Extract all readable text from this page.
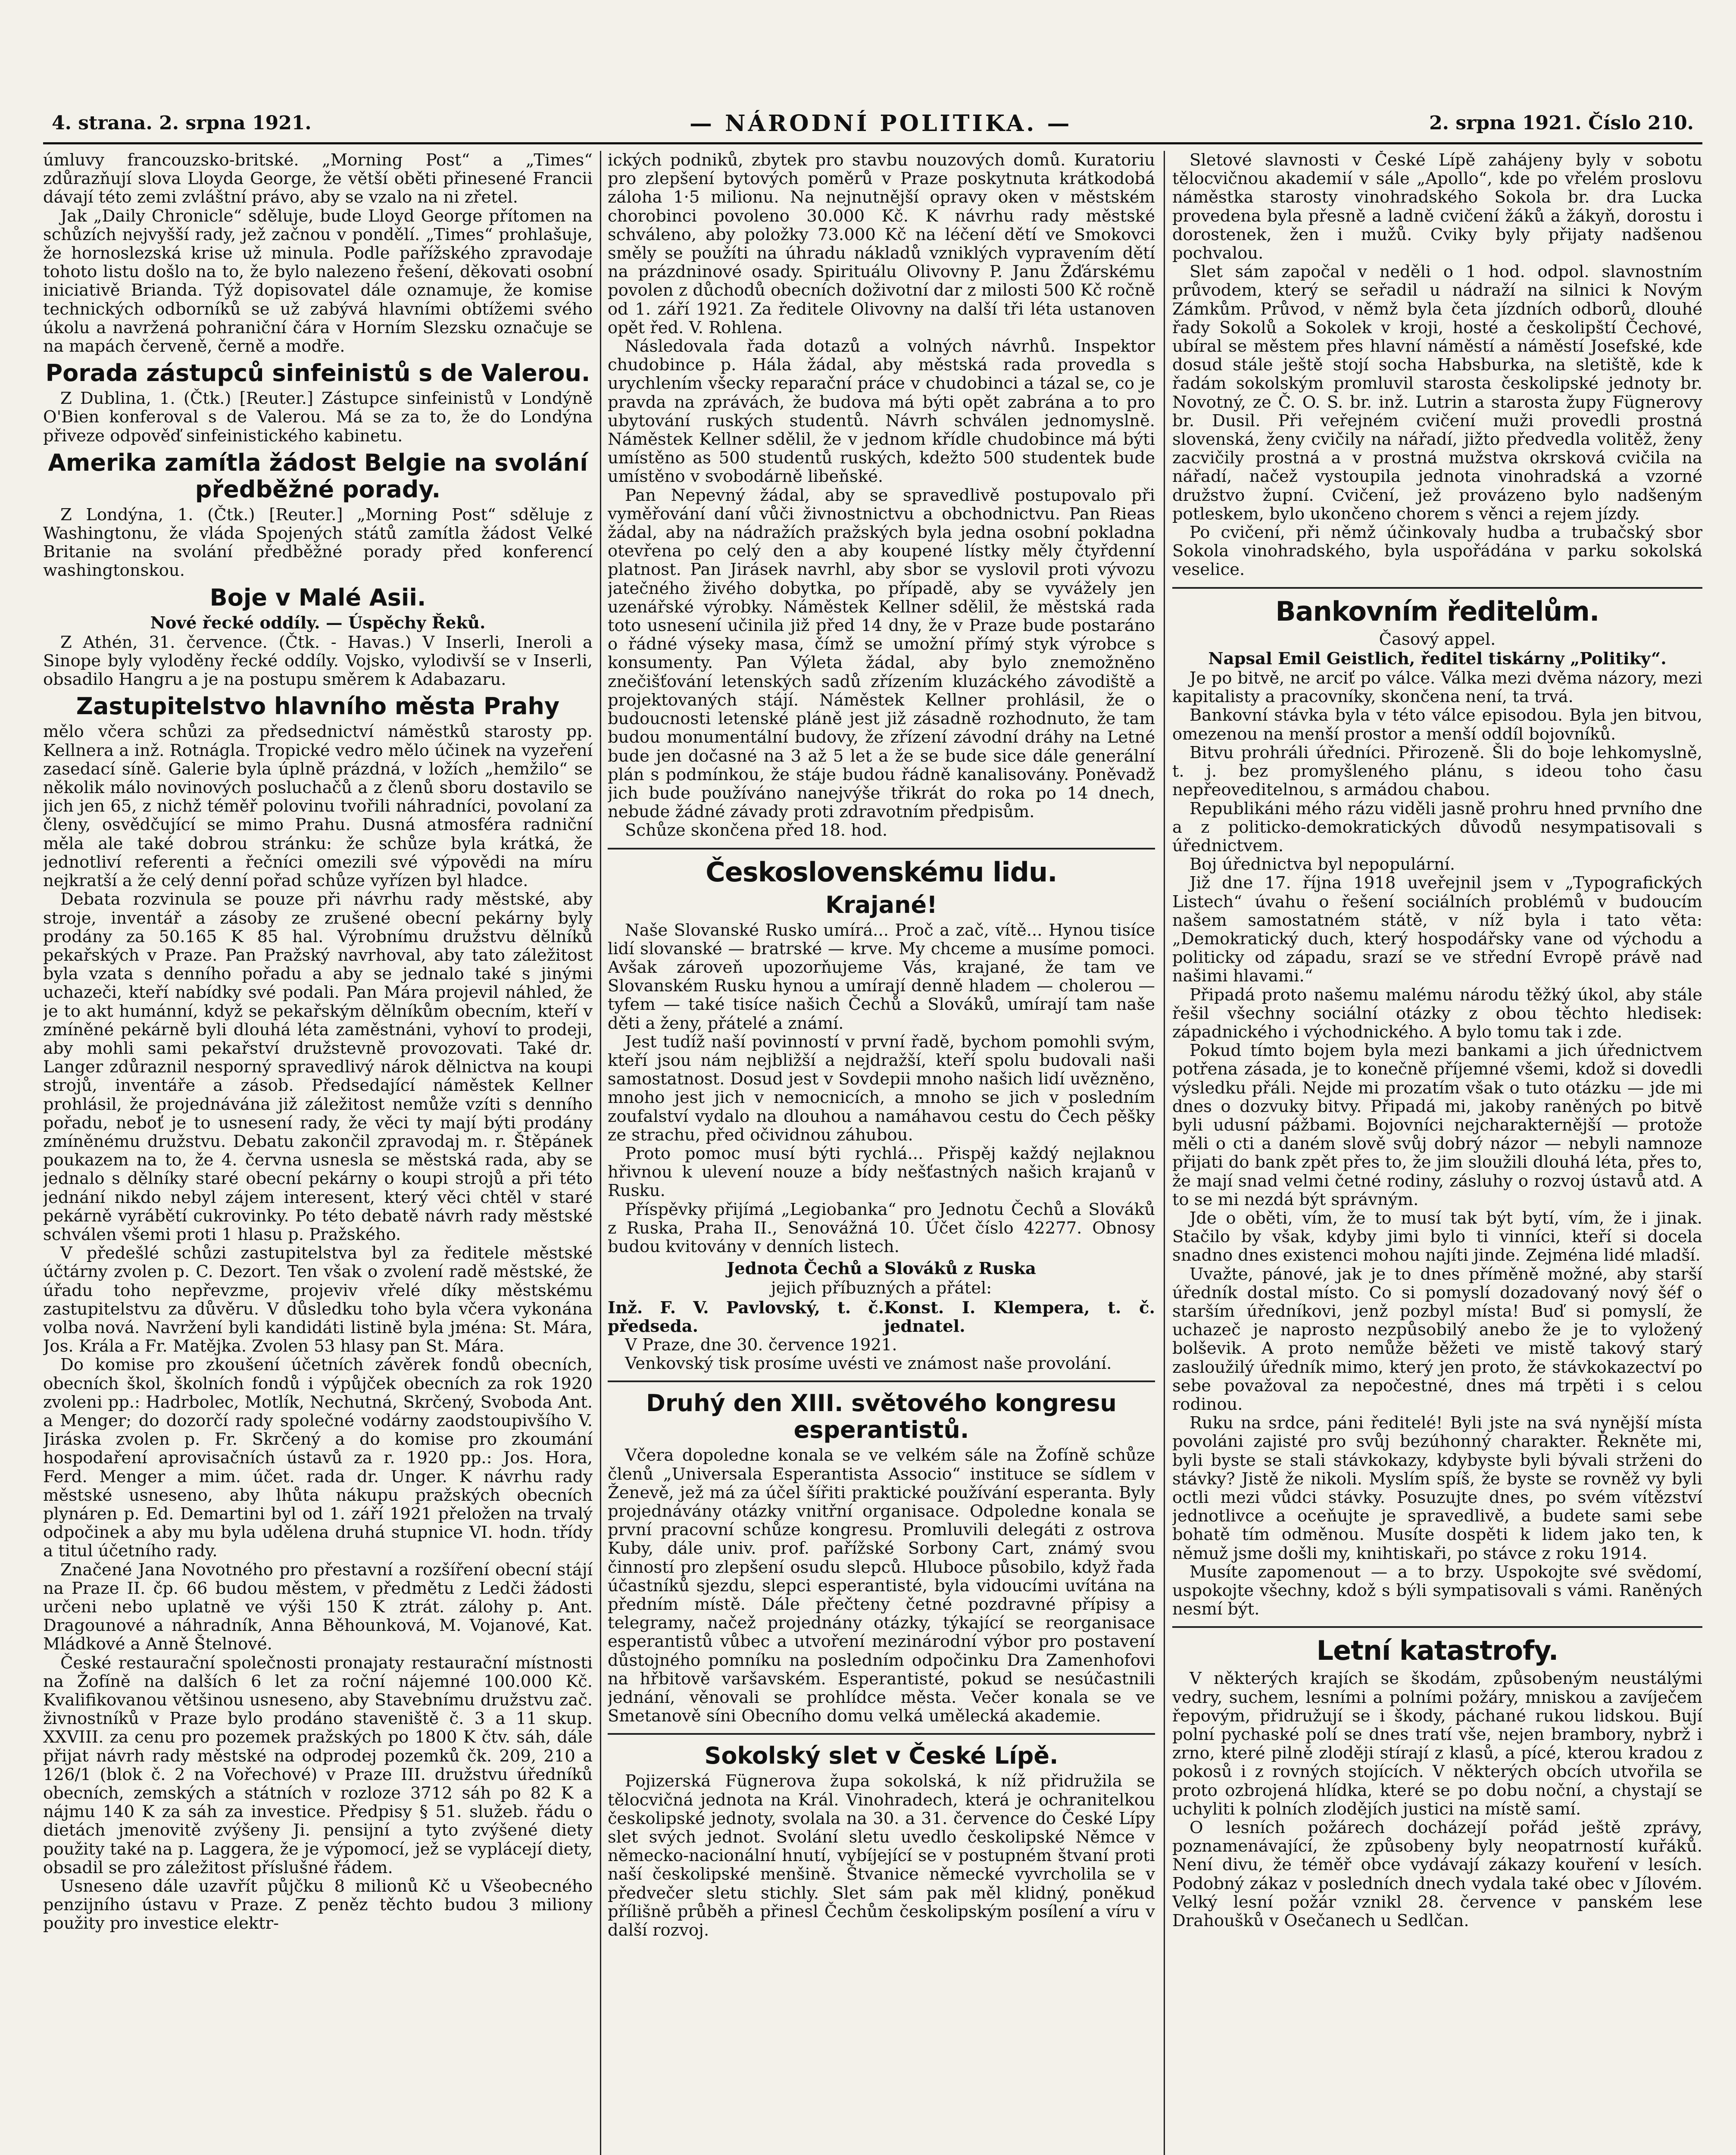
4. strana. 2. srpna 1921.	— NÁRODNÍ POLITIKA. —	2. srpna 1921. Číslo 210.

úmluvy francouzsko-britské. „Morning Post“ a „Times“ zdůrazňují slova Lloyda George, že větší oběti přinesené Francii dávají této zemi zvláštní právo, aby se vzalo na ni zřetel.

Jak „Daily Chronicle“ sděluje, bude Lloyd George přítomen na schůzích nejvyšší rady, jež začnou v pondělí. „Times“ prohlašuje, že hornoslezská krise už minula. Podle pařížského zpravodaje tohoto listu došlo na to, že bylo nalezeno řešení, děkovati osobní iniciativě Brianda. Týž dopisovatel dále oznamuje, že komise technických odborníků se už zabývá hlavními obtížemi svého úkolu a navržená pohraniční čára v Horním Slezsku označuje se na mapách červeně, černě a modře.

Porada zástupců sinfeinistů s de Valerou.

Z Dublina, 1. (Čtk.) [Reuter.] Zástupce sinfeinistů v Londýně O'Bien konferoval s de Valerou. Má se za to, že do Londýna přiveze odpověď sinfeinistického kabinetu.

Amerika zamítla žádost Belgie na svolání předběžné porady.

Z Londýna, 1. (Čtk.) [Reuter.] „Morning Post“ sděluje z Washingtonu, že vláda Spojených států zamítla žádost Velké Britanie na svolání předběžné porady před konferencí washingtonskou.

Boje v Malé Asii.
Nové řecké oddíly. — Úspěchy Řeků.

Z Athén, 31. července. (Čtk. - Havas.) V Inserli, Ineroli a Sinope byly vyloděny řecké oddíly. Vojsko, vylodivší se v Inserli, obsadilo Hangru a je na postupu směrem k Adabazaru.

Zastupitelstvo hlavního města Prahy

mělo včera schůzi za předsednictví náměstků starosty pp. Kellnera a inž. Rotnágla. Tropické vedro mělo účinek na vyzeření zasedací síně. Galerie byla úplně prázdná, v ložích „hemžilo“ se několik málo novinových posluchačů a z členů sboru dostavilo se jich jen 65, z nichž téměř polovinu tvořili náhradníci, povolaní za členy, osvědčující se mimo Prahu. Dusná atmosféra radniční měla ale také dobrou stránku: že schůze byla krátká, že jednotliví referenti a řečníci omezili své výpovědi na míru nejkratší a že celý denní pořad schůze vyřízen byl hladce.

Debata rozvinula se pouze při návrhu rady městské, aby stroje, inventář a zásoby ze zrušené obecní pekárny byly prodány za 50.165 K 85 hal. Výrobnímu družstvu dělníků pekařských v Praze. Pan Pražský navrhoval, aby tato záležitost byla vzata s denního pořadu a aby se jednalo také s jinými uchazeči, kteří nabídky své podali. Pan Mára projevil náhled, že je to akt humánní, když se pekařským dělníkům obecním, kteří v zmíněné pekárně byli dlouhá léta zaměstnáni, vyhoví to prodeji, aby mohli sami pekařství družstevně provozovati. Také dr. Langer zdůraznil nesporný spravedlivý nárok dělnictva na koupi strojů, inventáře a zásob. Předsedající náměstek Kellner prohlásil, že projednávána již záležitost nemůže vzíti s denního pořadu, neboť je to usnesení rady, že věci ty mají býti prodány zmíněnému družstvu. Debatu zakončil zpravodaj m. r. Štěpánek poukazem na to, že 4. června usnesla se městská rada, aby se jednalo s dělníky staré obecní pekárny o koupi strojů a při této jednání nikdo nebyl zájem interesent, který věci chtěl v staré pekárně vyrábětí cukrovinky. Po této debatě návrh rady městské schválen všemi proti 1 hlasu p. Pražského.

V předešlé schůzi zastupitelstva byl za ředitele městské účtárny zvolen p. C. Dezort. Ten však o zvolení radě městské, že úřadu toho nepřevzme, projeviv vřelé díky městskému zastupitelstvu za důvěru. V důsledku toho byla včera vykonána volba nová. Navržení byli kandidáti listině byla jména: St. Mára, Jos. Krála a Fr. Matějka. Zvolen 53 hlasy pan St. Mára.

Do komise pro zkoušení účetních závěrek fondů obecních, obecních škol, školních fondů i výpůjček obecních za rok 1920 zvoleni pp.: Hadrbolec, Motlík, Nechutná, Skrčený, Svoboda Ant. a Menger; do dozorčí rady společné vodárny zaodstoupivšího V. Jiráska zvolen p. Fr. Skrčený a do komise pro zkoumání hospodaření aprovisačních ústavů za r. 1920 pp.: Jos. Hora, Ferd. Menger a mim. účet. rada dr. Unger. K návrhu rady městské usneseno, aby lhůta nákupu pražských obecních plynáren p. Ed. Demartini byl od 1. září 1921 přeložen na trvalý odpočinek a aby mu byla udělena druhá stupnice VI. hodn. třídy a titul účetního rady.

Značené Jana Novotného pro přestavní a rozšíření obecní stájí na Praze II. čp. 66 budou městem, v předmětu z Ledči žádosti určeni nebo uplatně ve výši 150 K ztrát. zálohy p. Ant. Dragounové a náhradník, Anna Běhounková, M. Vojanové, Kat. Mládkové a Anně Štelnové.

České restaurační společnosti pronajaty restaurační místnosti na Žofíně na dalších 6 let za roční nájemné 100.000 Kč. Kvalifikovanou většinou usneseno, aby Stavebnímu družstvu zač. živnostníků v Praze bylo prodáno staveniště č. 3 a 11 skup. XXVIII. za cenu pro pozemek pražských po 1800 K čtv. sáh, dále přijat návrh rady městské na odprodej pozemků čk. 209, 210 a 126/1 (blok č. 2 na Vořechové) v Praze III. družstvu úředníků obecních, zemských a státních v rozloze 3712 sáh po 82 K a nájmu 140 K za sáh za investice. Předpisy § 51. služeb. řádu o dietách jmenovitě zvýšeny Ji. pensijní a tyto zvýšené diety použity také na p. Laggera, že je výpomocí, jež se vyplácejí diety, obsadil se pro záležitost příslušné řádem.

Usneseno dále uzavřít půjčku 8 milionů Kč u Všeobecného penzijního ústavu v Praze. Z peněz těchto budou 3 miliony použity pro investice elektr-

ických podniků, zbytek pro stavbu nouzových domů. Kuratoriu pro zlepšení bytových poměrů v Praze poskytnuta krátkodobá záloha 1·5 milionu. Na nejnutnější opravy oken v městském chorobinci povoleno 30.000 Kč. K návrhu rady městské schváleno, aby položky 73.000 Kč na léčení dětí ve Smokovci směly se použíti na úhradu nákladů vzniklých vypravením dětí na prázdninové osady. Spirituálu Olivovny P. Janu Žďárskému povolen z důchodů obecních doživotní dar z milosti 500 Kč ročně od 1. září 1921. Za ředitele Olivovny na další tři léta ustanoven opět řed. V. Rohlena.

Následovala řada dotazů a volných návrhů. Inspektor chudobince p. Hála žádal, aby městská rada provedla s urychlením všecky reparační práce v chudobinci a tázal se, co je pravda na zprávách, že budova má býti opět zabrána a to pro ubytování ruských studentů. Návrh schválen jednomyslně. Náměstek Kellner sdělil, že v jednom křídle chudobince má býti umístěno as 500 studentů ruských, kdežto 500 studentek bude umístěno v svobodárně libeňské.

Pan Nepevný žádal, aby se spravedlivě postupovalo při vyměřování daní vůči živnostnictvu a obchodnictvu. Pan Rieas žádal, aby na nádražích pražských byla jedna osobní pokladna otevřena po celý den a aby koupené lístky měly čtyřdenní platnost. Pan Jirásek navrhl, aby sbor se vyslovil proti vývozu jatečného živého dobytka, po případě, aby se vyvážely jen uzenářské výrobky. Náměstek Kellner sdělil, že městská rada toto usnesení učinila již před 14 dny, že v Praze bude postaráno o řádné výseky masa, čímž se umožní přímý styk výrobce s konsumenty. Pan Výleta žádal, aby bylo znemožněno znečišťování letenských sadů zřízením kluzáckého závodiště a projektovaných stájí. Náměstek Kellner prohlásil, že o budoucnosti letenské pláně jest již zásadně rozhodnuto, že tam budou monumentální budovy, že zřízení závodní dráhy na Letné bude jen dočasné na 3 až 5 let a že se bude sice dále generální plán s podmínkou, že stáje budou řádně kanalisovány. Poněvadž jich bude používáno nanejvýše třikrát do roka po 14 dnech, nebude žádné závady proti zdravotním předpisům.

Schůze skončena před 18. hod.

Československému lidu.
Krajané!

Naše Slovanské Rusko umírá... Proč a zač, vítě... Hynou tisíce lidí slovanské — bratrské — krve. My chceme a musíme pomoci. Avšak zároveň upozorňujeme Vás, krajané, že tam ve Slovanském Rusku hynou a umírají denně hladem — cholerou — tyfem — také tisíce našich Čechů a Slováků, umírají tam naše děti a ženy, přátelé a známí.

Jest tudíž naší povinností v první řadě, bychom pomohli svým, kteří jsou nám nejbližší a nejdražší, kteří spolu budovali naši samostatnost. Dosud jest v Sovdepii mnoho našich lidí uvězněno, mnoho jest jich v nemocnicích, a mnoho se jich v posledním zoufalství vydalo na dlouhou a namáhavou cestu do Čech pěšky ze strachu, před očividnou záhubou.

Proto pomoc musí býti rychlá... Přispěj každý nejlaknou hřivnou k ulevení nouze a bídy nešťastných našich krajanů v Rusku.

Příspěvky přijímá „Legiobanka“ pro Jednotu Čechů a Slováků z Ruska, Praha II., Senovážná 10. Účet číslo 42277. Obnosy budou kvitovány v denních listech.

Jednota Čechů a Slováků z Ruska
jejich příbuzných a přátel:
Inž. F. V. Pavlovský, t. č. předseda.
Konst. I. Klempera, t. č. jednatel.

V Praze, dne 30. července 1921.

Venkovský tisk prosíme uvésti ve známost naše provolání.

Druhý den XIII. světového kongresu esperantistů.

Včera dopoledne konala se ve velkém sále na Žofíně schůze členů „Universala Esperantista Associo“ instituce se sídlem v Ženevě, jež má za účel šířiti praktické používání esperanta. Byly projednávány otázky vnitřní organisace. Odpoledne konala se první pracovní schůze kongresu. Promluvili delegáti z ostrova Kuby, dále univ. prof. pařížské Sorbony Cart, známý svou činností pro zlepšení osudu slepců. Hluboce působilo, když řada účastníků sjezdu, slepci esperantisté, byla vidoucími uvítána na předním místě. Dále přečteny četné pozdravné přípisy a telegramy, načež projednány otázky, týkající se reorganisace esperantistů vůbec a utvoření mezinárodní výbor pro postavení důstojného pomníku na posledním odpočinku Dra Zamenhofovi na hřbitově varšavském. Esperantisté, pokud se nesúčastnili jednání, věnovali se prohlídce města. Večer konala se ve Smetanově síni Obecního domu velká umělecká akademie.

Sokolský slet v České Lípě.

Pojizerská Fügnerova župa sokolská, k níž přidružila se tělocvičná jednota na Král. Vinohradech, která je ochranitelkou českolipské jednoty, svolala na 30. a 31. července do České Lípy slet svých jednot. Svolání sletu uvedlo českolipské Němce v německo-nacionální hnutí, vybíjející se v postupném štvaní proti naší českolipské menšině. Štvanice německé vyvrcholila se v předvečer sletu stichly. Slet sám pak měl klidný, poněkud přílišně průběh a přinesl Čechům českolipským posílení a víru v další rozvoj.

Sletové slavnosti v České Lípě zahájeny byly v sobotu tělocvičnou akademií v sále „Apollo“, kde po vřelém proslovu náměstka starosty vinohradského Sokola br. dra Lucka provedena byla přesně a ladně cvičení žáků a žákyň, dorostu i dorostenek, žen i mužů. Cviky byly přijaty nadšenou pochvalou.

Slet sám započal v neděli o 1 hod. odpol. slavnostním průvodem, který se seřadil u nádraží na silnici k Novým Zámkům. Průvod, v němž byla četa jízdních odborů, dlouhé řady Sokolů a Sokolek v kroji, hosté a českolipští Čechové, ubíral se městem přes hlavní náměstí a náměstí Josefské, kde dosud stále ještě stojí socha Habsburka, na sletiště, kde k řadám sokolským promluvil starosta českolipské jednoty br. Novotný, ze Č. O. S. br. inž. Lutrin a starosta župy Fügnerovy br. Dusil. Při veřejném cvičení muži provedli prostná slovenská, ženy cvičily na nářadí, jižto předvedla volitěž, ženy zacvičily prostná a v prostná mužstva okrsková cvičila na nářadí, načež vystoupila jednota vinohradská a vzorné družstvo župní. Cvičení, jež provázeno bylo nadšeným potleskem, bylo ukončeno chorem s věnci a rejem jízdy.

Po cvičení, při němž účinkovaly hudba a trubačský sbor Sokola vinohradského, byla uspořádána v parku sokolská veselice.

Bankovním ředitelům.
Časový appel.
Napsal Emil Geistlich, ředitel tiskárny „Politiky“.

Je po bitvě, ne arciť po válce. Válka mezi dvěma názory, mezi kapitalisty a pracovníky, skončena není, ta trvá.

Bankovní stávka byla v této válce episodou. Byla jen bitvou, omezenou na menší prostor a menší oddíl bojovníků.

Bitvu prohráli úředníci. Přirozeně. Šli do boje lehkomyslně, t. j. bez promyšleného plánu, s ideou toho času nepřeoveditelnou, s armádou chabou.

Republikáni mého rázu viděli jasně prohru hned prvního dne a z politicko-demokratických důvodů nesympatisovali s úřednictvem.

Boj úřednictva byl nepopulární.

Již dne 17. října 1918 uveřejnil jsem v „Typografických Listech“ úvahu o řešení sociálních problémů v budoucím našem samostatném státě, v níž byla i tato věta: „Demokratický duch, který hospodářsky vane od východu a politicky od západu, srazí se ve střední Evropě právě nad našimi hlavami.“

Připadá proto našemu malému národu těžký úkol, aby stále řešil všechny sociální otázky z obou těchto hledisek: západnického i východnického. A bylo tomu tak i zde.

Pokud tímto bojem byla mezi bankami a jich úřednictvem potřena zásada, je to konečně příjemné všemi, kdož si dovedli výsledku přáli. Nejde mi prozatím však o tuto otázku — jde mi dnes o dozvuky bitvy. Připadá mi, jakoby raněných po bitvě byli udusní pážbami. Bojovníci nejcharakternější — protože měli o cti a daném slově svůj dobrý názor — nebyli namnoze přijati do bank zpět přes to, že jim sloužili dlouhá léta, přes to, že mají snad velmi četné rodiny, zásluhy o rozvoj ústavů atd. A to se mi nezdá být správným.

Jde o oběti, vím, že to musí tak být bytí, vím, že i jinak. Stačilo by však, kdyby jimi bylo ti vinníci, kteří si docela snadno dnes existenci mohou najíti jinde. Zejména lidé mladší.

Uvažte, pánové, jak je to dnes příměně možné, aby starší úředník dostal místo. Co si pomyslí dozadovaný nový šéf o starším úředníkovi, jenž pozbyl místa! Buď si pomyslí, že uchazeč je naprosto nezpůsobilý anebo že je to vyložený bolševik. A proto nemůže běžeti ve mistě takový starý zasloužilý úředník mimo, který jen proto, že stávkokazectví po sebe považoval za nepočestné, dnes má trpěti i s celou rodinou.

Ruku na srdce, páni ředitelé! Byli jste na svá nynější místa povoláni zajisté pro svůj bezúhonný charakter. Řekněte mi, byli byste se stali stávkokazy, kdybyste byli bývali strženi do stávky? Jistě že nikoli. Myslím spíš, že byste se rovněž vy byli octli mezi vůdci stávky. Posuzujte dnes, po svém vítězství jednotlivce a oceňujte je spravedlivě, a budete sami sebe bohatě tím odměnou. Musíte dospěti k lidem jako ten, k němuž jsme došli my, knihtiskaři, po stávce z roku 1914.

Musíte zapomenout — a to brzy. Uspokojte své svědomí, uspokojte všechny, kdož s býli sympatisovali s vámi. Raněných nesmí být.

Letní katastrofy.

V některých krajích se škodám, způsobeným neustálými vedry, suchem, lesními a polními požáry, mniskou a zavíječem řepovým, přidružují se i škody, páchané rukou lidskou. Bují polní pychaské polí se dnes tratí vše, nejen brambory, nybrž i zrno, které pilně zloději stírají z klasů, a pícé, kterou kradou z pokosů i z rovných stojících. V některých obcích utvořila se proto ozbrojená hlídka, které se po dobu noční, a chystají se uchyliti k polních zlodějích justici na místě samí.

O lesních požárech docházejí pořád ještě zprávy, poznamenávající, že způsobeny byly neopatrností kuřáků. Není divu, že téměř obce vydávají zákazy kouření v lesích. Podobný zákaz v posledních dnech vydala také obec v Jílovém. Velký lesní požár vznikl 28. července v panském lese Drahoušků v Osečanech u Sedlčan.
